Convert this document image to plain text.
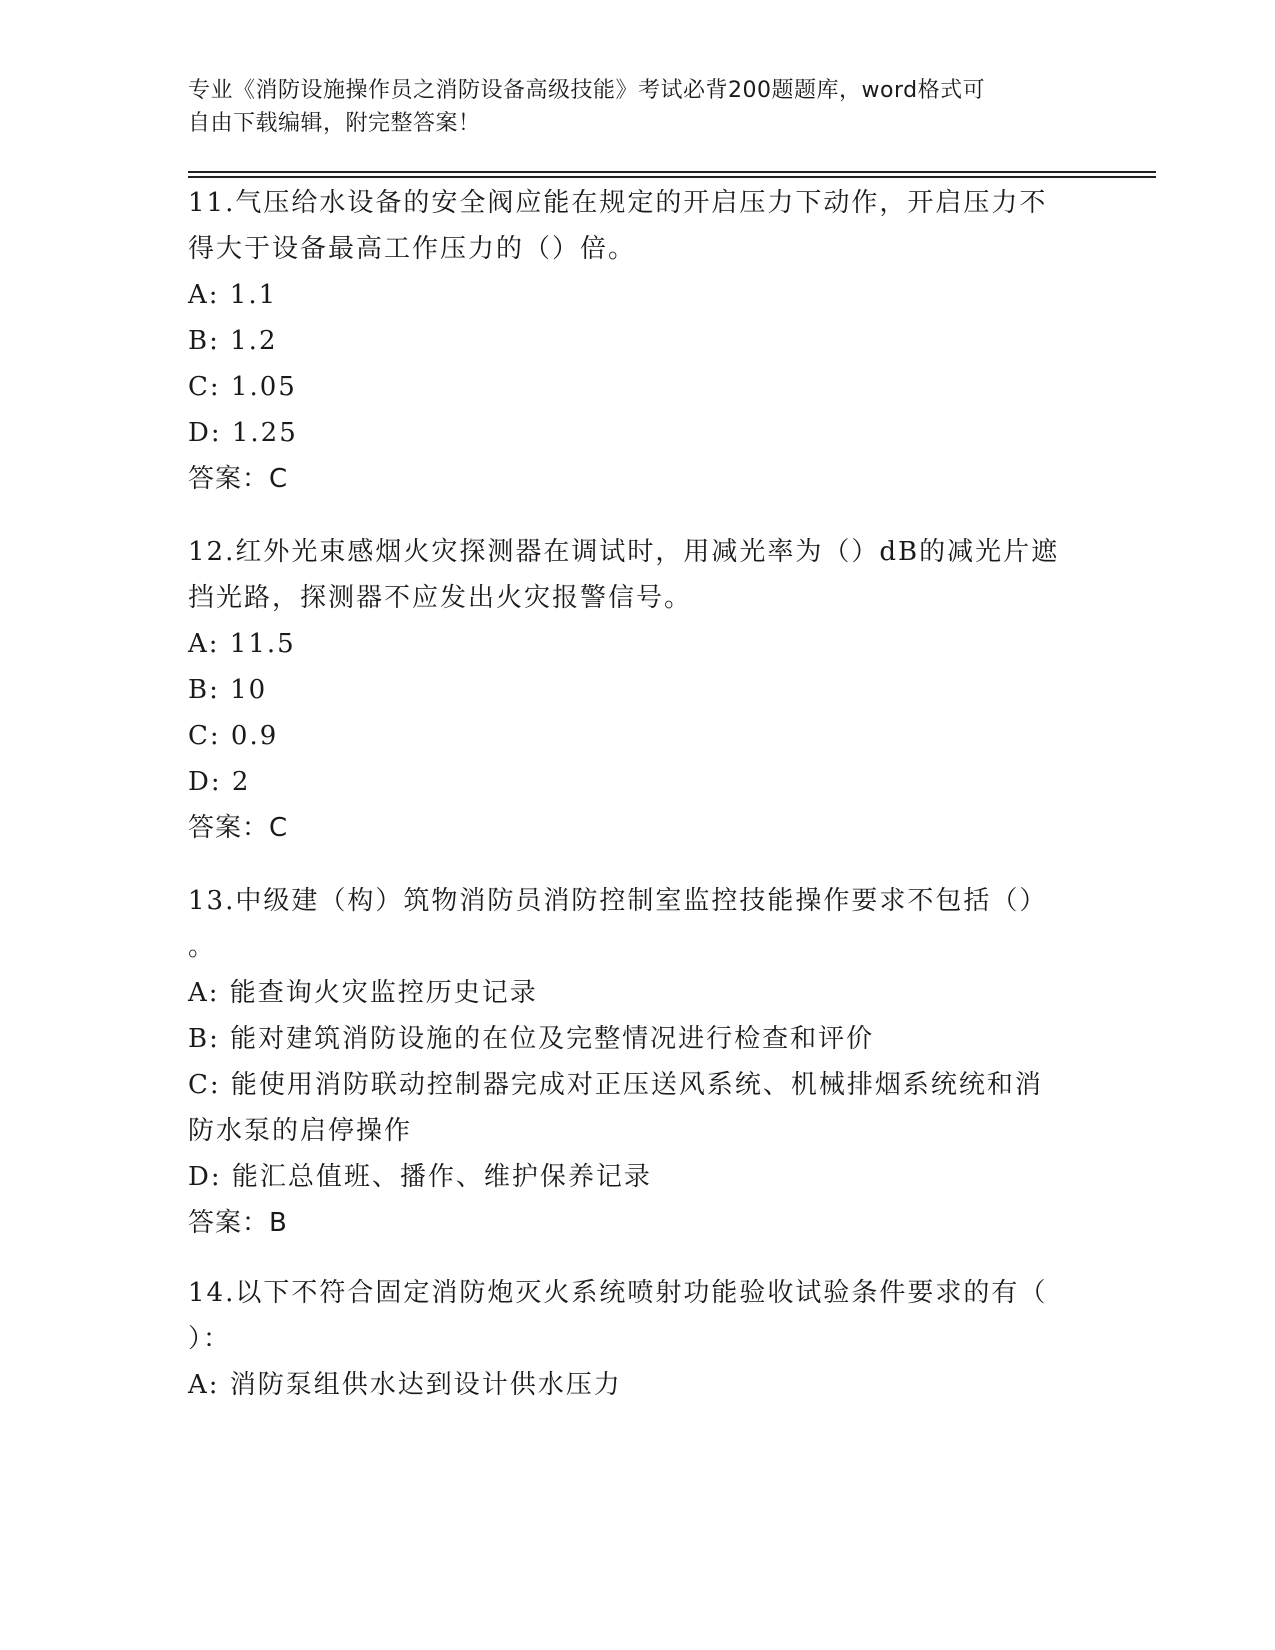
专业《消防设施操作员之消防设备高级技能》考试必背200题题库，word格式可
自由下载编辑，附完整答案！
11.气压给水设备的安全阀应能在规定的开启压力下动作，开启压力不
得大于设备最高工作压力的（）倍。
A: 1.1
B: 1.2
C: 1.05
D: 1.25
答案：C
12.红外光束感烟火灾探测器在调试时，用减光率为（）dB的减光片遮
挡光路，探测器不应发出火灾报警信号。
A: 11.5
B: 10
C: 0.9
D: 2
答案：C
13.中级建（构）筑物消防员消防控制室监控技能操作要求不包括（）
。
A: 能查询火灾监控历史记录
B: 能对建筑消防设施的在位及完整情况进行检查和评价
C: 能使用消防联动控制器完成对正压送风系统、机械排烟系统统和消
防水泵的启停操作
D: 能汇总值班、播作、维护保养记录
答案：B
14.以下不符合固定消防炮灭火系统喷射功能验收试验条件要求的有（
）：
A: 消防泵组供水达到设计供水压力
